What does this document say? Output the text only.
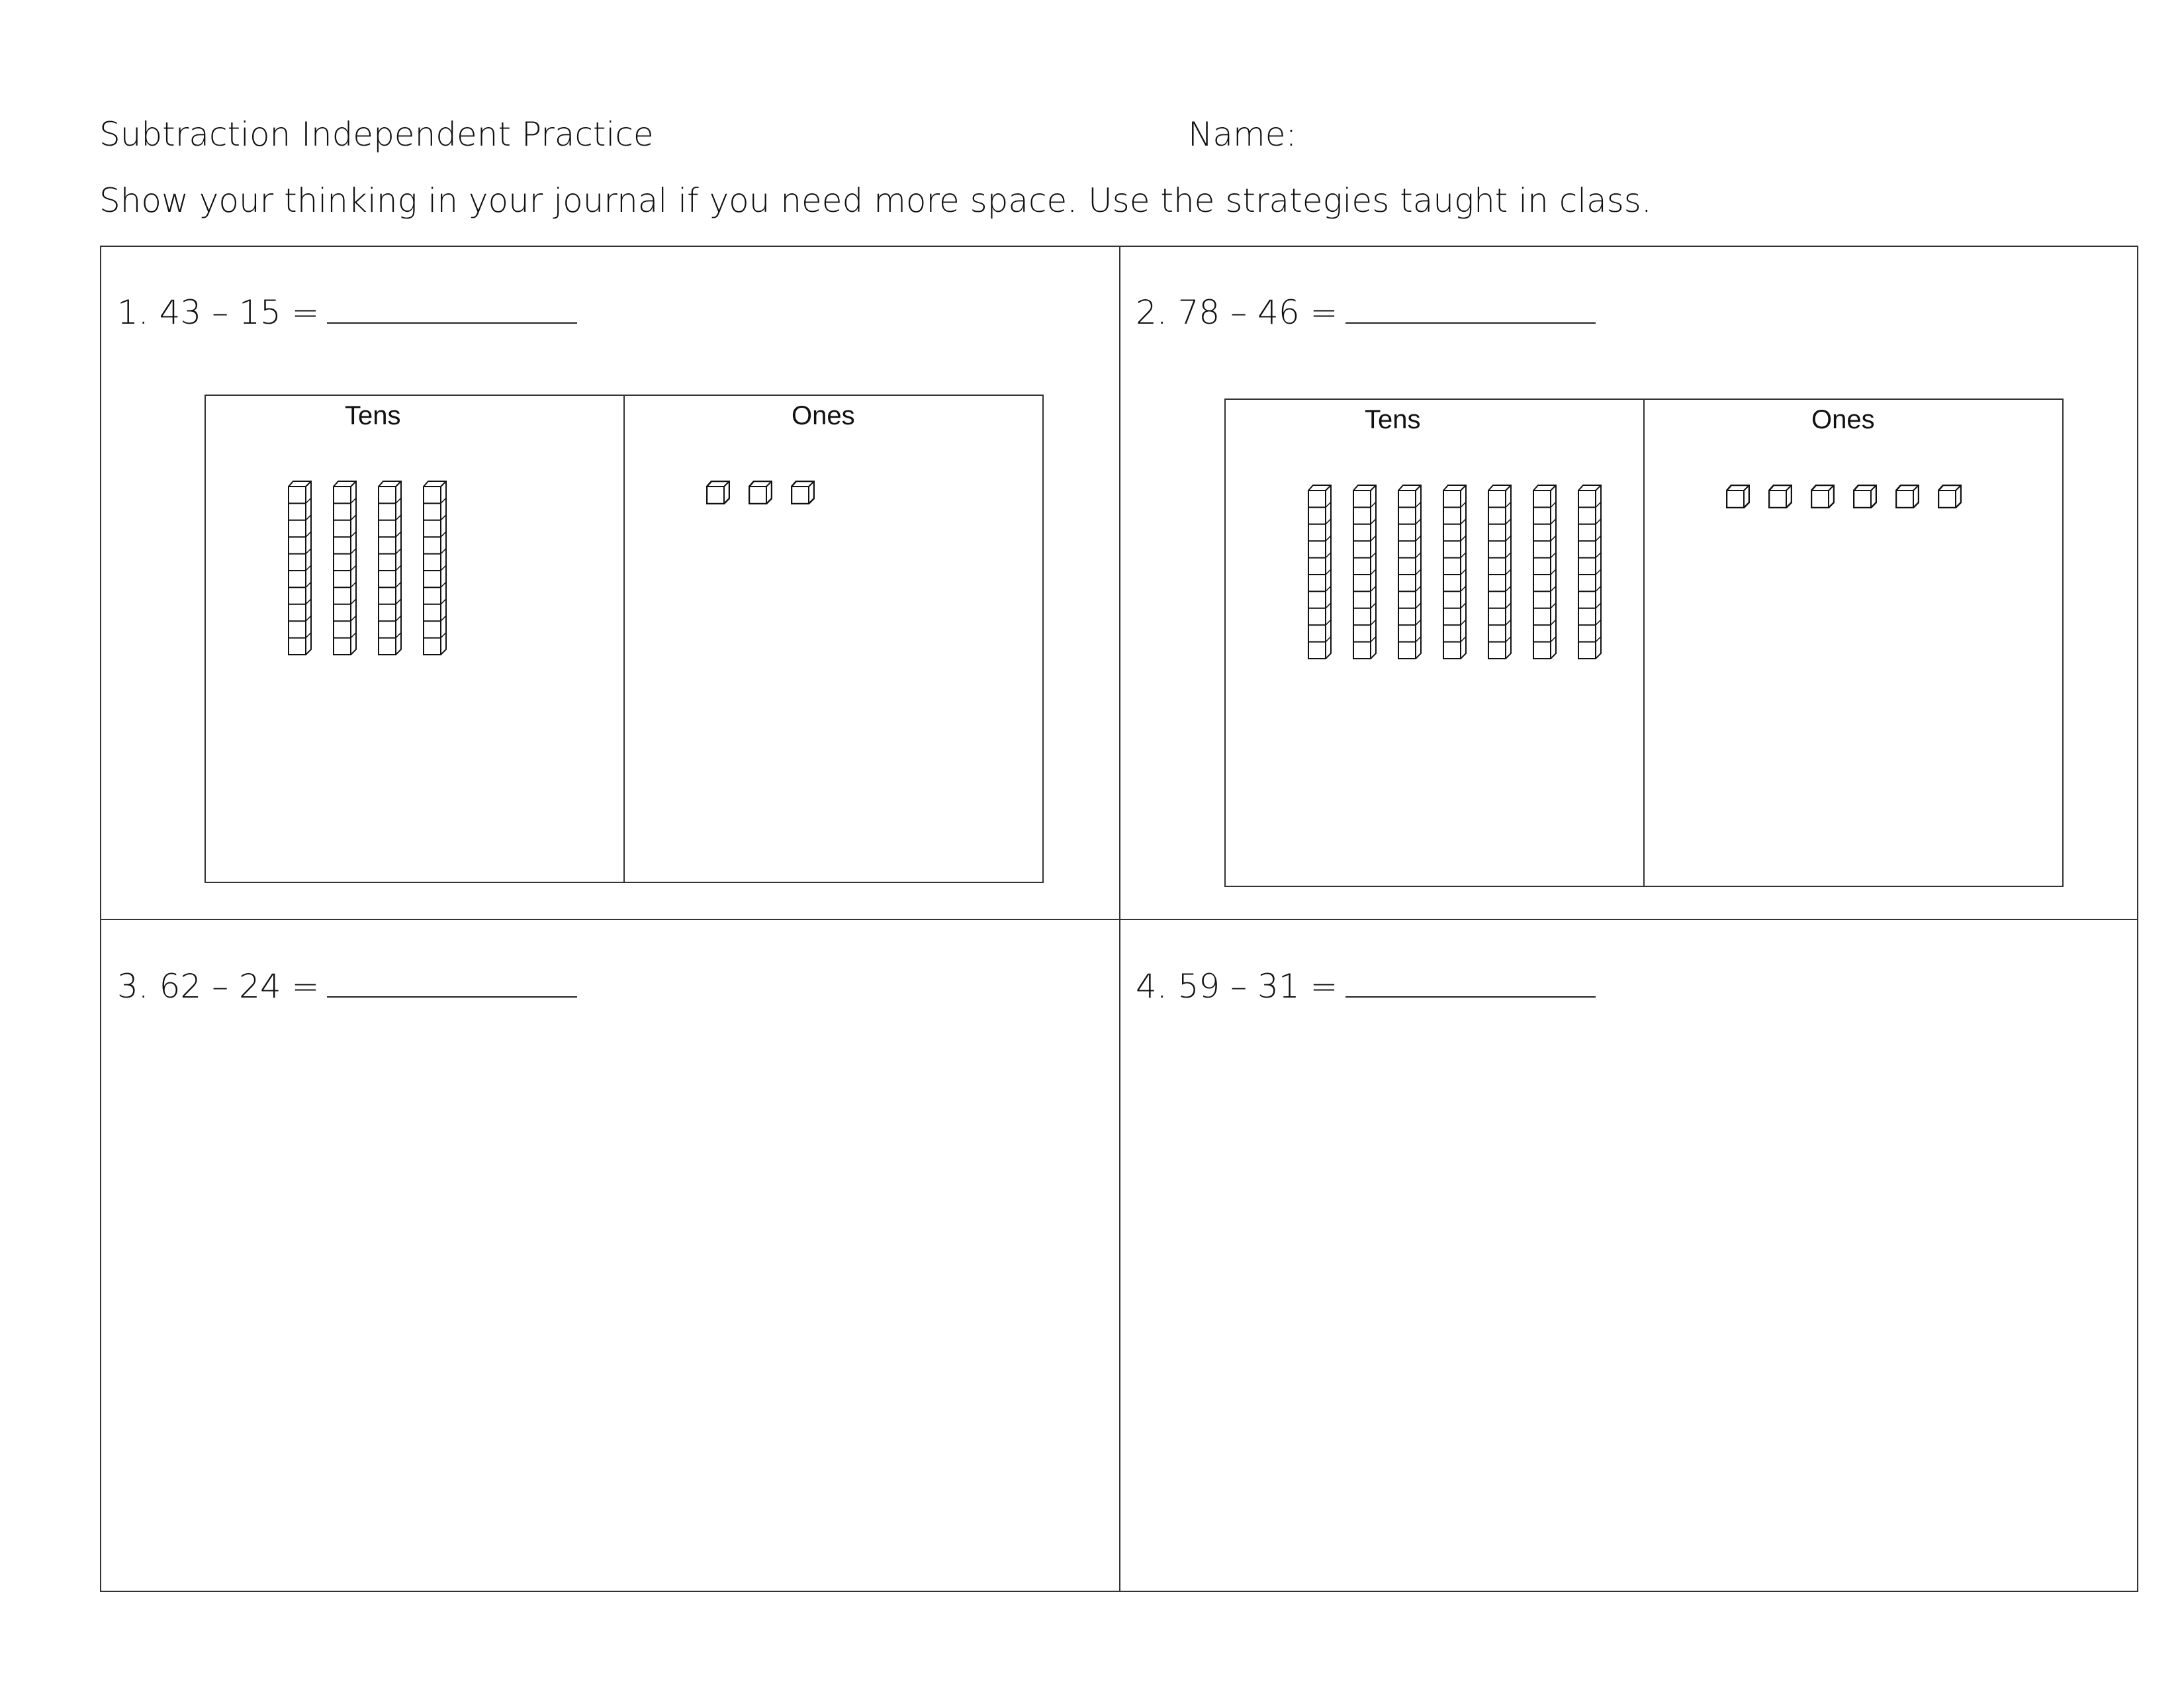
Subtraction Independent Practice	Name:
Show your thinking in your journal if you need more space. Use the strategies taught in class.
1. 43 – 15 =
Tens	Ones
2. 78 – 46 =
Tens	Ones
3. 62 – 24 =	4. 59 – 31 =
